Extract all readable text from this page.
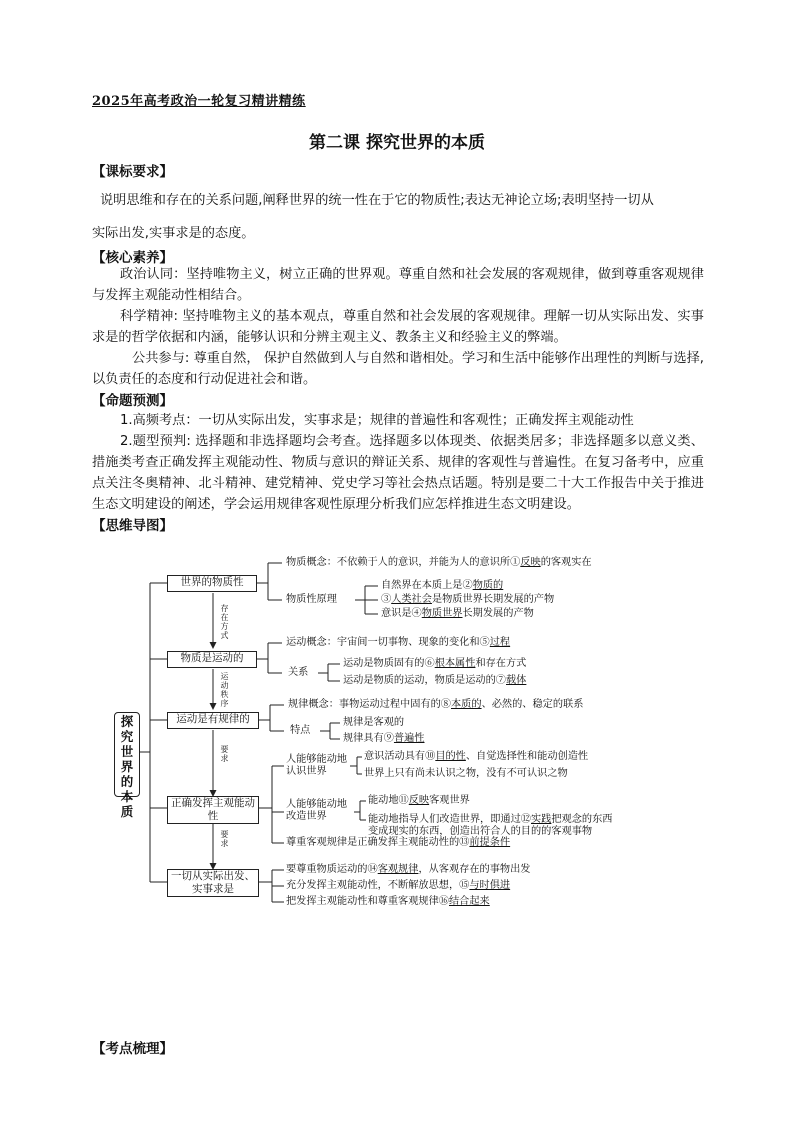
2025年高考政治一轮复习精讲精练
第二课 探究世界的本质
【课标要求】

说明思维和存在的关系问题,阐释世界的统一性在于它的物质性;表达无神论立场;表明坚持一切从

实际出发,实事求是的态度。

【核心素养】

政治认同：坚持唯物主义，树立正确的世界观。尊重自然和社会发展的客观规律，做到尊重客观规律与发挥主观能动性相结合。

科学精神: 坚持唯物主义的基本观点，尊重自然和社会发展的客观规律。理解一切从实际出发、实事求是的哲学依据和内涵，能够认识和分辨主观主义、教条主义和经验主义的弊端。

公共参与: 尊重自然， 保护自然做到人与自然和谐相处。学习和生活中能够作出理性的判断与选择,以负责任的态度和行动促进社会和谐。

【命题预测】

1.高频考点：一切从实际出发，实事求是；规律的普遍性和客观性；正确发挥主观能动性

2.题型预判: 选择题和非选择题均会考查。选择题多以体现类、依据类居多；非选择题多以意义类、措施类考查正确发挥主观能动性、物质与意识的辩证关系、规律的客观性与普遍性。在复习备考中，应重点关注冬奥精神、北斗精神、建党精神、党史学习等社会热点话题。特别是要二十大工作报告中关于推进生态文明建设的阐述，学会运用规律客观性原理分析我们应怎样推进生态文明建设。

【思维导图】
探究世界的本质
世界的物质性
物质是运动的
运动是有规律的
正确发挥主观能动性
一切从实际出发、实事求是
存在方式
运动秩序
要求
要求
物质概念：不依赖于人的意识，并能为人的意识所①反映的客观实在
物质性原理
自然界在本质上是②物质的
③人类社会是物质世界长期发展的产物
意识是④物质世界长期发展的产物
运动概念：宇宙间一切事物、现象的变化和⑤过程
关系
运动是物质固有的⑥根本属性和存在方式
运动是物质的运动，物质是运动的⑦载体
规律概念：事物运动过程中固有的⑧本质的、必然的、稳定的联系
特点
规律是客观的
规律具有⑨普遍性
人能够能动地认识世界
意识活动具有⑩目的性、自觉选择性和能动创造性
世界上只有尚未认识之物，没有不可认识之物
人能够能动地改造世界
能动地⑪反映客观世界
能动地指导人们改造世界，即通过⑫实践把观念的东西
变成现实的东西，创造出符合人的目的的客观事物
尊重客观规律是正确发挥主观能动性的⑬前提条件
要尊重物质运动的⑭客观规律，从客观存在的事物出发
充分发挥主观能动性，不断解放思想，⑮与时俱进
把发挥主观能动性和尊重客观规律⑯结合起来
【考点梳理】
